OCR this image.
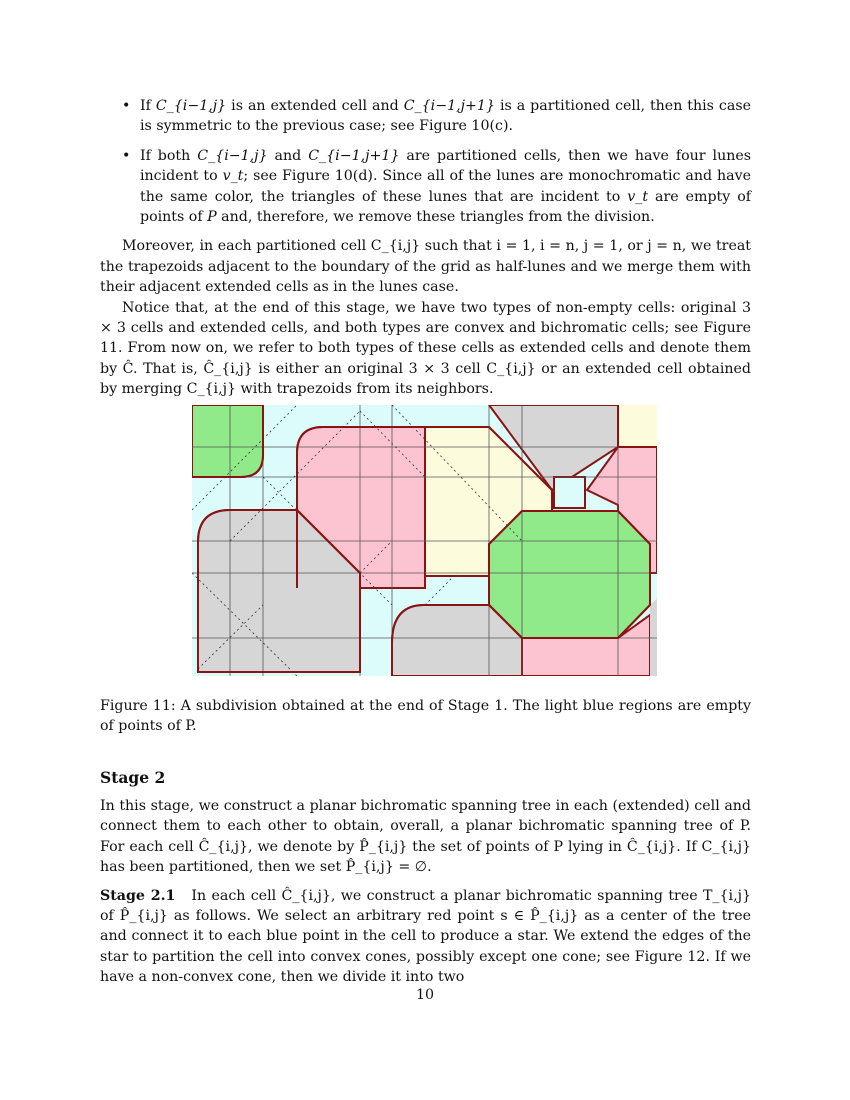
• If C_{i−1,j} is an extended cell and C_{i−1,j+1} is a partitioned cell, then this case is symmetric to the previous case; see Figure 10(c).
• If both C_{i−1,j} and C_{i−1,j+1} are partitioned cells, then we have four lunes incident to v_t; see Figure 10(d). Since all of the lunes are monochromatic and have the same color, the triangles of these lunes that are incident to v_t are empty of points of P and, therefore, we remove these triangles from the division.

Moreover, in each partitioned cell C_{i,j} such that i = 1, i = n, j = 1, or j = n, we treat the trapezoids adjacent to the boundary of the grid as half-lunes and we merge them with their adjacent extended cells as in the lunes case.

Notice that, at the end of this stage, we have two types of non-empty cells: original 3 × 3 cells and extended cells, and both types are convex and bichromatic cells; see Figure 11. From now on, we refer to both types of these cells as extended cells and denote them by Ĉ. That is, Ĉ_{i,j} is either an original 3 × 3 cell C_{i,j} or an extended cell obtained by merging C_{i,j} with trapezoids from its neighbors.

Figure 11: A subdivision obtained at the end of Stage 1. The light blue regions are empty of points of P.

Stage 2

In this stage, we construct a planar bichromatic spanning tree in each (extended) cell and connect them to each other to obtain, overall, a planar bichromatic spanning tree of P. For each cell Ĉ_{i,j}, we denote by P̂_{i,j} the set of points of P lying in Ĉ_{i,j}. If C_{i,j} has been partitioned, then we set P̂_{i,j} = ∅.

Stage 2.1 In each cell Ĉ_{i,j}, we construct a planar bichromatic spanning tree T_{i,j} of P̂_{i,j} as follows. We select an arbitrary red point s ∈ P̂_{i,j} as a center of the tree and connect it to each blue point in the cell to produce a star. We extend the edges of the star to partition the cell into convex cones, possibly except one cone; see Figure 12. If we have a non-convex cone, then we divide it into two

10
